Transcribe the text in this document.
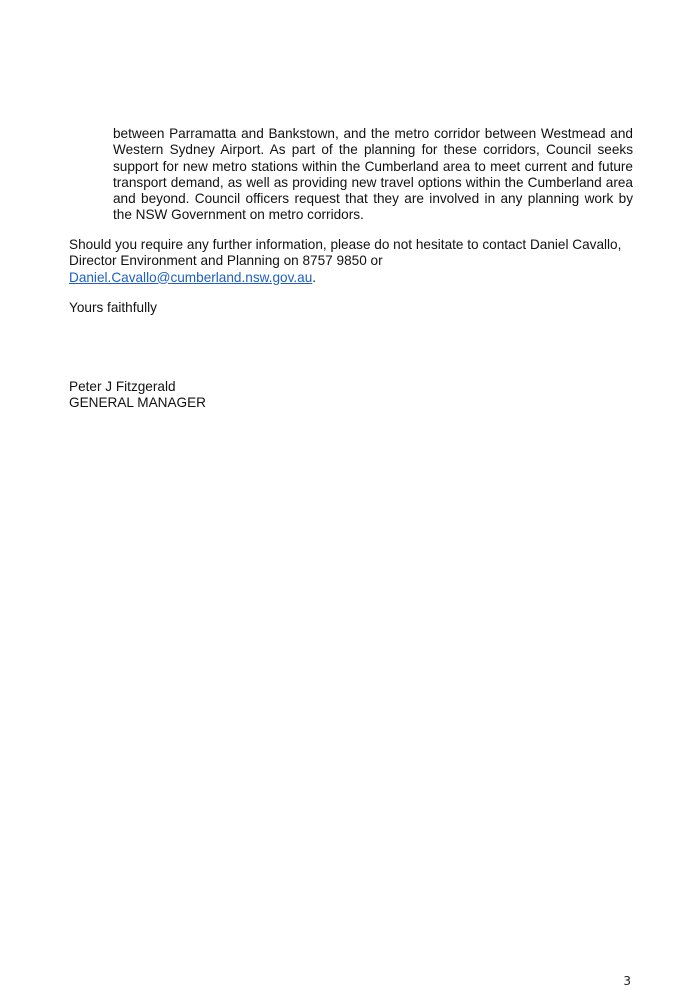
between Parramatta and Bankstown, and the metro corridor between Westmead and Western Sydney Airport. As part of the planning for these corridors, Council seeks support for new metro stations within the Cumberland area to meet current and future transport demand, as well as providing new travel options within the Cumberland area and beyond. Council officers request that they are involved in any planning work by the NSW Government on metro corridors.

Should you require any further information, please do not hesitate to contact Daniel Cavallo,
Director Environment and Planning on 8757 9850 or
Daniel.Cavallo@cumberland.nsw.gov.au.

Yours faithfully

Peter J Fitzgerald
GENERAL MANAGER
3
